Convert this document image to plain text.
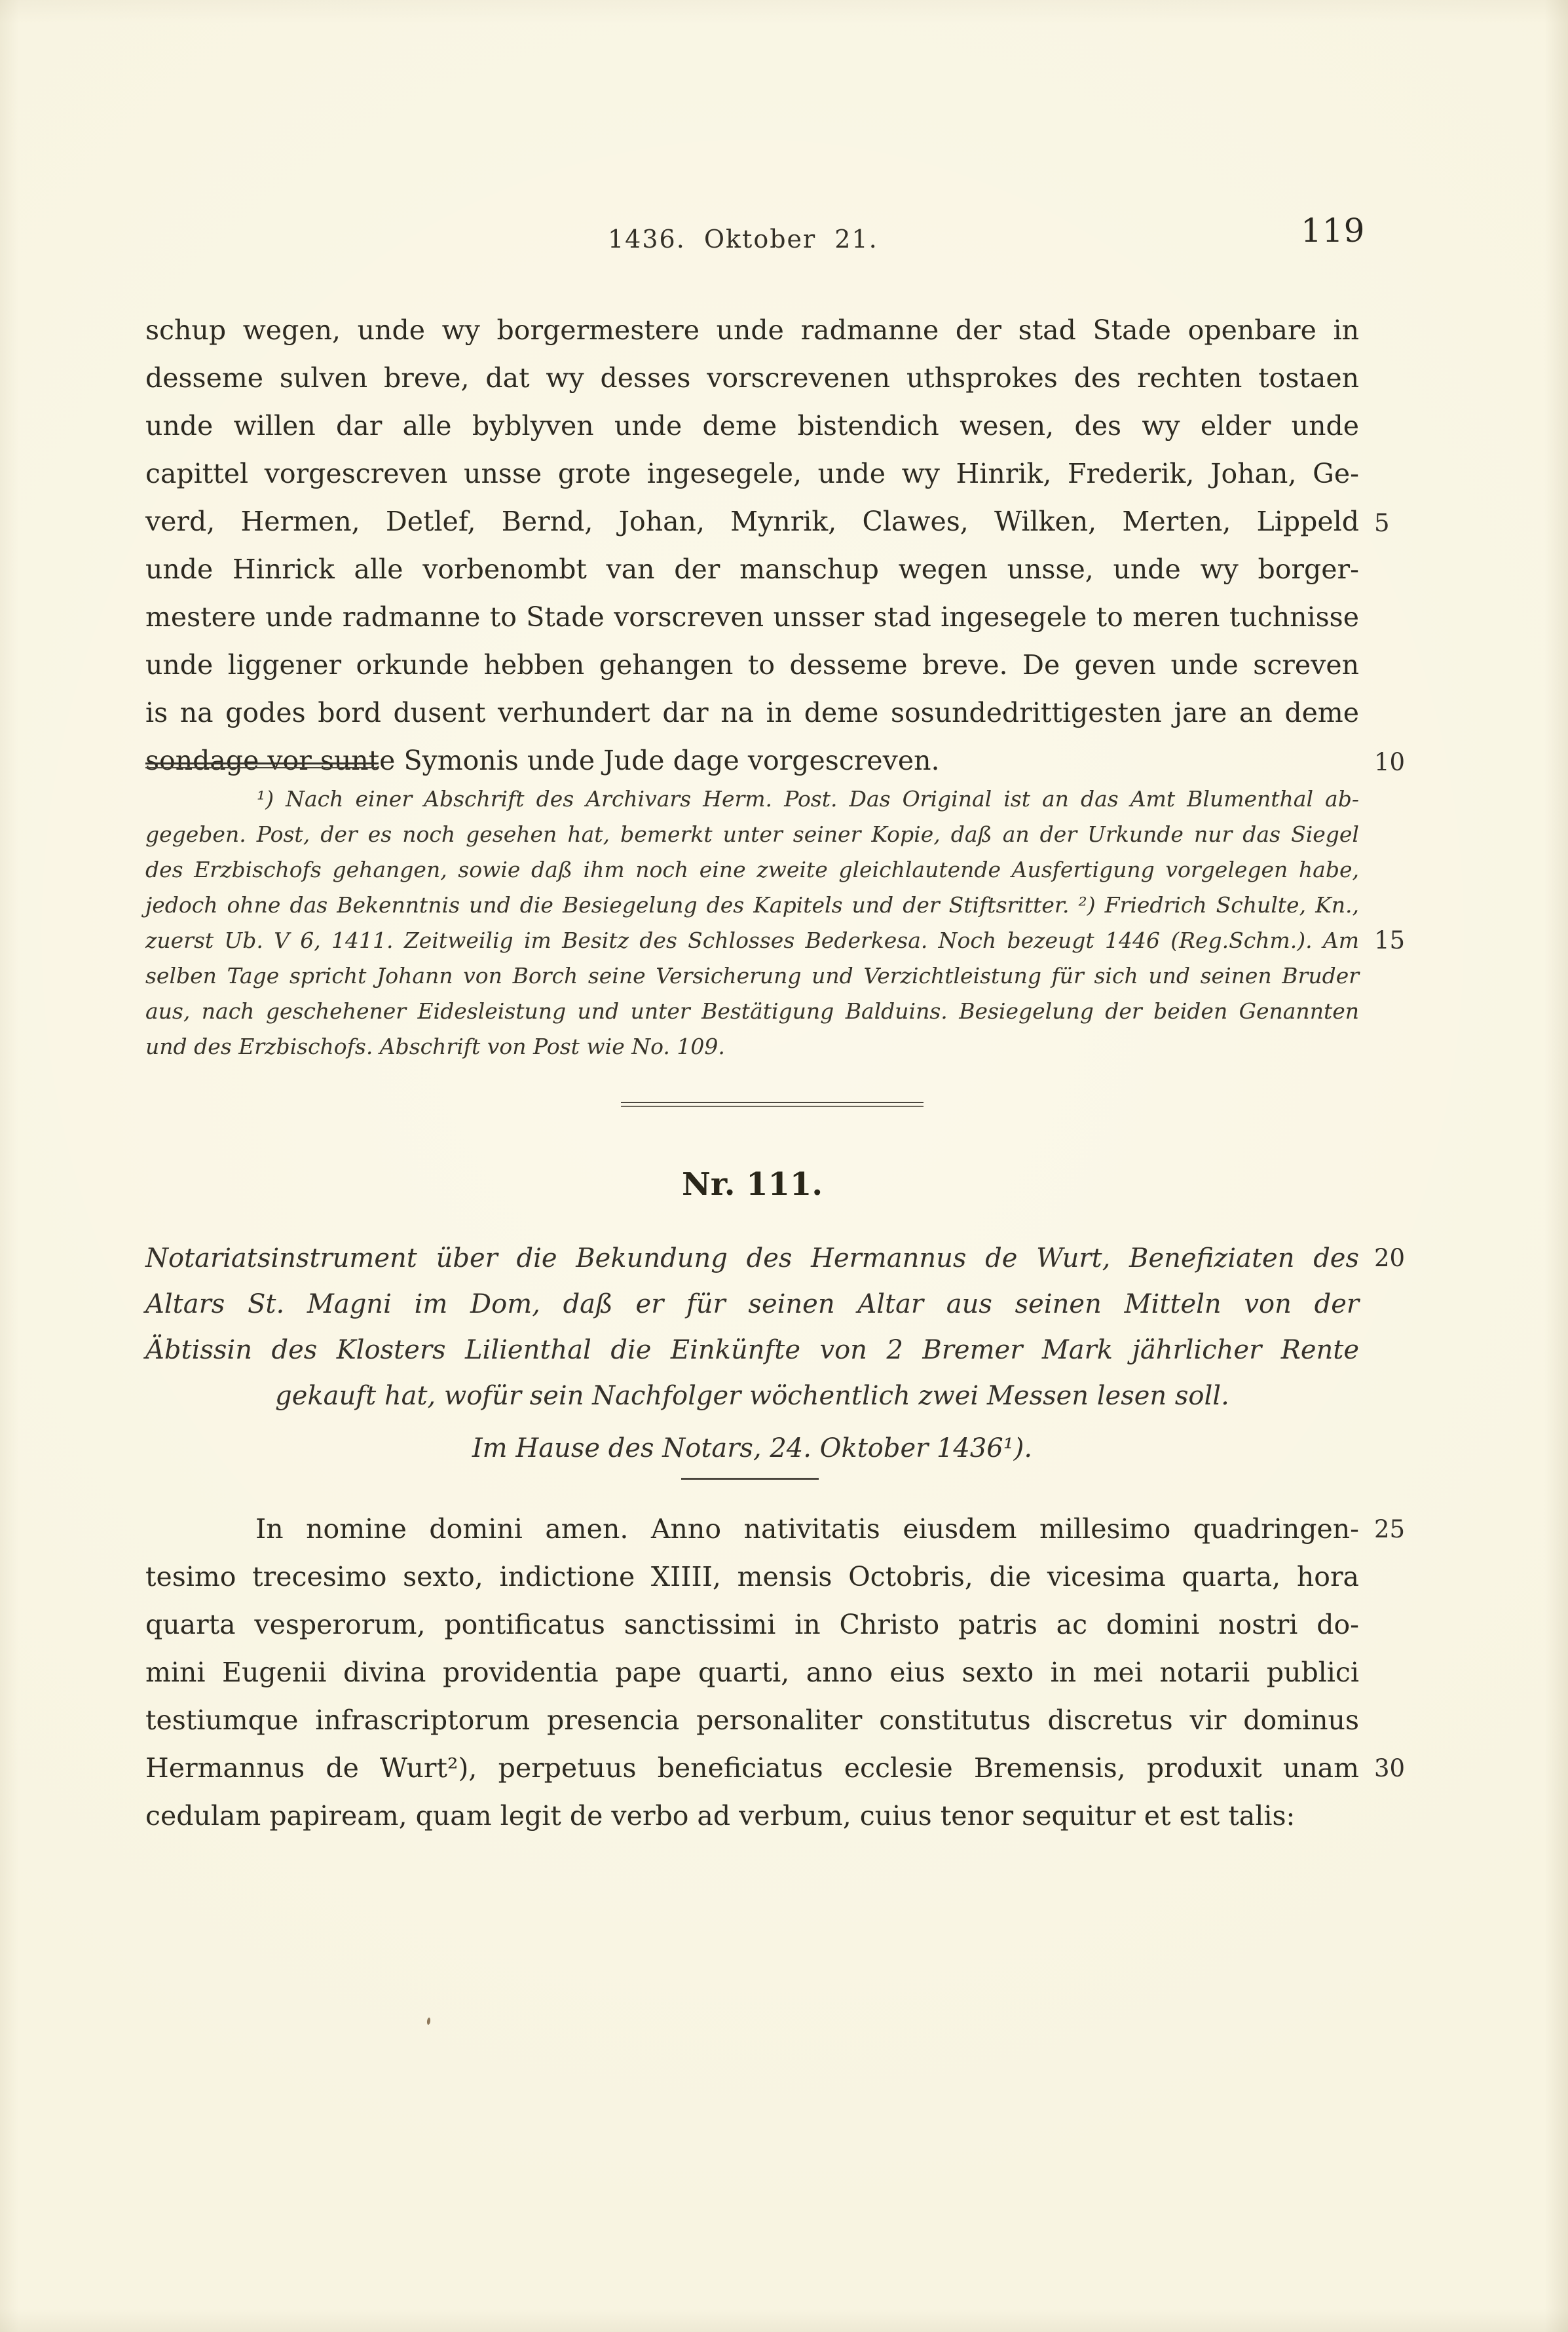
1436. Oktober 21.	119
schup wegen, unde wy borgermestere unde radmanne der stad Stade openbare in
desseme sulven breve, dat wy desses vorscrevenen uthsprokes des rechten tostaen
unde willen dar alle byblyven unde deme bistendich wesen, des wy elder unde
capittel vorgescreven unsse grote ingesegele, unde wy Hinrik, Frederik, Johan, Ge-
verd, Hermen, Detlef, Bernd, Johan, Mynrik, Clawes, Wilken, Merten, Lippeld
unde Hinrick alle vorbenombt van der manschup wegen unsse, unde wy borger-
mestere unde radmanne to Stade vorscreven unsser stad ingesegele to meren tuchnisse
unde liggener orkunde hebben gehangen to desseme breve. De geven unde screven
is na godes bord dusent verhundert dar na in deme sosundedrittigesten jare an deme
sondage vor sunte Symonis unde Jude dage vorgescreven.
¹) Nach einer Abschrift des Archivars Herm. Post. Das Original ist an das Amt Blumenthal ab-
gegeben. Post, der es noch gesehen hat, bemerkt unter seiner Kopie, daß an der Urkunde nur das Siegel
des Erzbischofs gehangen, sowie daß ihm noch eine zweite gleichlautende Ausfertigung vorgelegen habe,
jedoch ohne das Bekenntnis und die Besiegelung des Kapitels und der Stiftsritter. ²) Friedrich Schulte, Kn.,
zuerst Ub. V 6, 1411. Zeitweilig im Besitz des Schlosses Bederkesa. Noch bezeugt 1446 (Reg.Schm.). Am
selben Tage spricht Johann von Borch seine Versicherung und Verzichtleistung für sich und seinen Bruder
aus, nach geschehener Eidesleistung und unter Bestätigung Balduins. Besiegelung der beiden Genannten
und des Erzbischofs. Abschrift von Post wie No. 109.
Nr. 111.
Notariatsinstrument über die Bekundung des Hermannus de Wurt, Benefiziaten des
Altars St. Magni im Dom, daß er für seinen Altar aus seinen Mitteln von der
Äbtissin des Klosters Lilienthal die Einkünfte von 2 Bremer Mark jährlicher Rente
gekauft hat, wofür sein Nachfolger wöchentlich zwei Messen lesen soll.
Im Hause des Notars, 24. Oktober 1436¹).
In nomine domini amen. Anno nativitatis eiusdem millesimo quadringen-
tesimo trecesimo sexto, indictione XIIII, mensis Octobris, die vicesima quarta, hora
quarta vesperorum, pontificatus sanctissimi in Christo patris ac domini nostri do-
mini Eugenii divina providentia pape quarti, anno eius sexto in mei notarii publici
testiumque infrascriptorum presencia personaliter constitutus discretus vir dominus
Hermannus de Wurt²), perpetuus beneficiatus ecclesie Bremensis, produxit unam
cedulam papiream, quam legit de verbo ad verbum, cuius tenor sequitur et est talis:
5
10
15
20
25
30
